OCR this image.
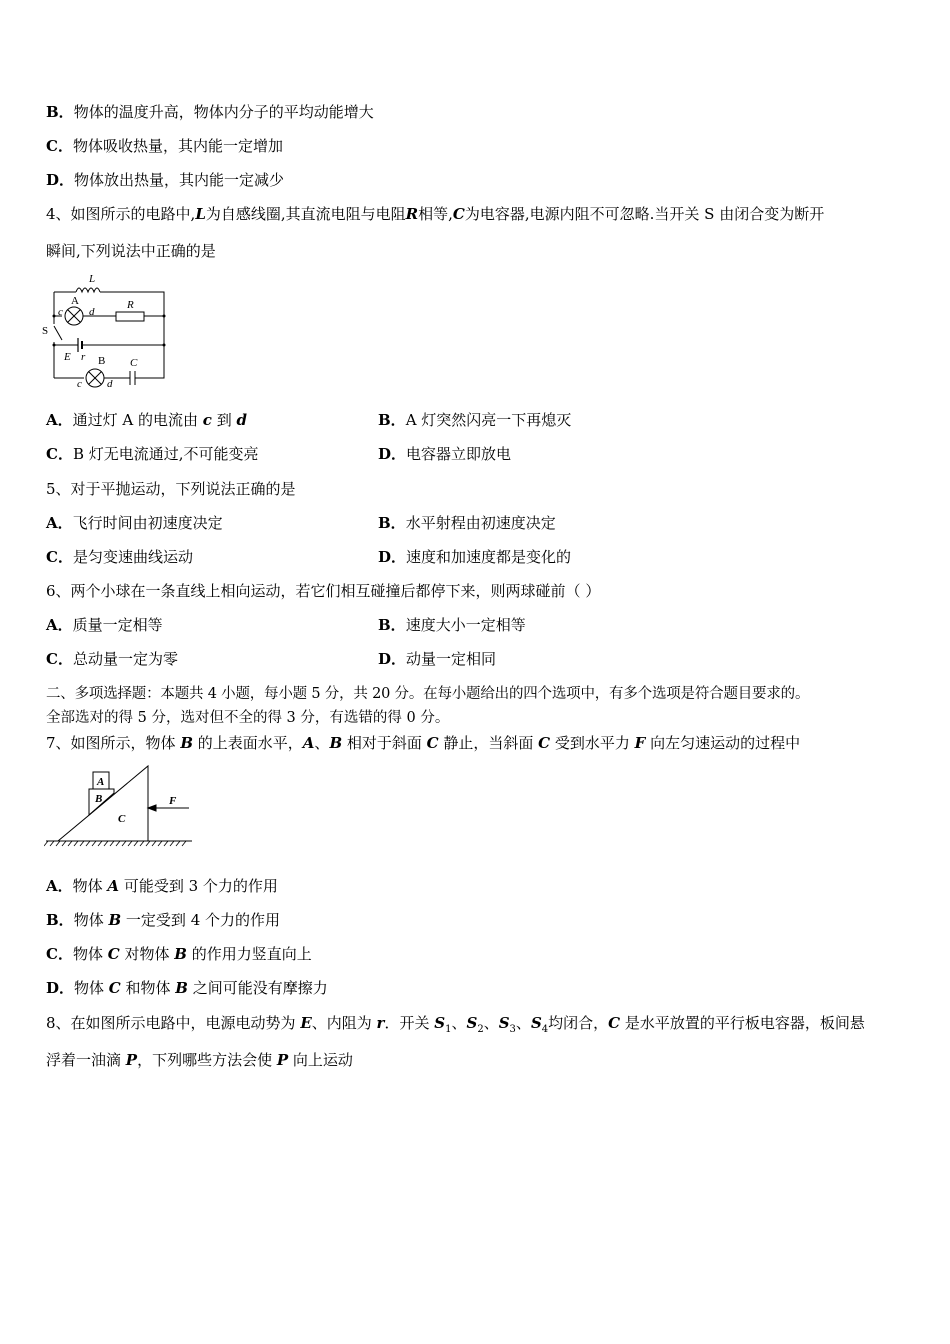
B．物体的温度升高，物体内分子的平均动能增大
C．物体吸收热量，其内能一定增加
D．物体放出热量，其内能一定减少
4、如图所示的电路中,L为自感线圈,其直流电阻与电阻R相等,C为电容器,电源内阻不可忽略.当开关 S 由闭合变为断开
瞬间,下列说法中正确的是
L
A
c d
R
S
E r B C
c d
A．通过灯 A 的电流由 c 到 d	B．A 灯突然闪亮一下再熄灭
C．B 灯无电流通过,不可能变亮	D．电容器立即放电
5、对于平抛运动，下列说法正确的是
A．飞行时间由初速度决定	B．水平射程由初速度决定
C．是匀变速曲线运动	D．速度和加速度都是变化的
6、两个小球在一条直线上相向运动，若它们相互碰撞后都停下来，则两球碰前（ ）
A．质量一定相等	B．速度大小一定相等
C．总动量一定为零	D．动量一定相同
二、多项选择题：本题共 4 小题，每小题 5 分，共 20 分。在每小题给出的四个选项中，有多个选项是符合题目要求的。
全部选对的得 5 分，选对但不全的得 3 分，有选错的得 0 分。
7、如图所示，物体 B 的上表面水平，A、B 相对于斜面 C 静止，当斜面 C 受到水平力 F 向左匀速运动的过程中
A
B
C
F
A．物体 A 可能受到 3 个力的作用
B．物体 B 一定受到 4 个力的作用
C．物体 C 对物体 B 的作用力竖直向上
D．物体 C 和物体 B 之间可能没有摩擦力
8、在如图所示电路中，电源电动势为 E、内阻为 r．开关 $S_1$、$S_2$、$S_3$、$S_4$均闭合，C 是水平放置的平行板电容器，板间悬
浮着一油滴 P，下列哪些方法会使 P 向上运动
